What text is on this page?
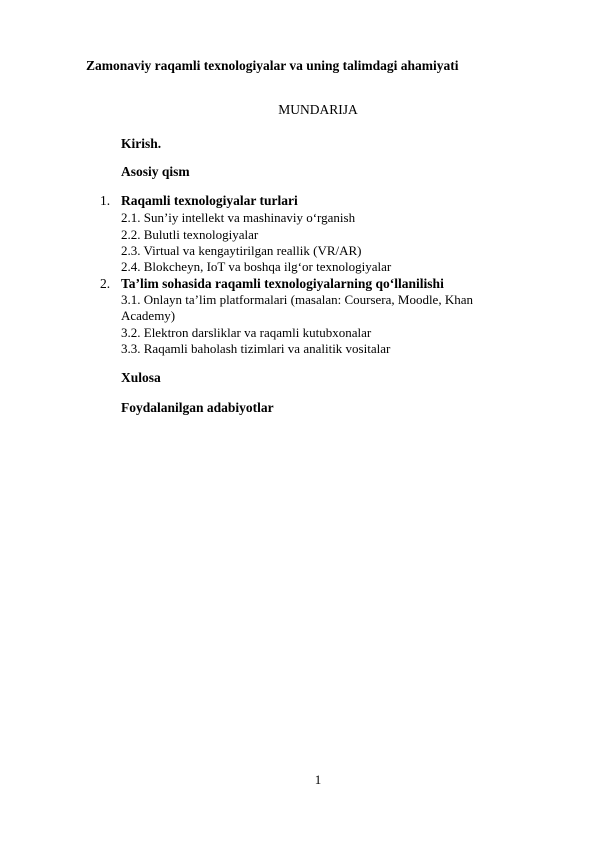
Zamonaviy raqamli texnologiyalar va uning talimdagi ahamiyati
MUNDARIJA
Kirish.
Asosiy qism
1. Raqamli texnologiyalar turlari
2.1. Sun’iy intellekt va mashinaviy o‘rganish
2.2. Bulutli texnologiyalar
2.3. Virtual va kengaytirilgan reallik (VR/AR)
2.4. Blokcheyn, IoT va boshqa ilg‘or texnologiyalar
2. Ta’lim sohasida raqamli texnologiyalarning qo‘llanilishi
3.1. Onlayn ta’lim platformalari (masalan: Coursera, Moodle, Khan
Academy)
3.2. Elektron darsliklar va raqamli kutubxonalar
3.3. Raqamli baholash tizimlari va analitik vositalar
Xulosa
Foydalanilgan adabiyotlar
1
